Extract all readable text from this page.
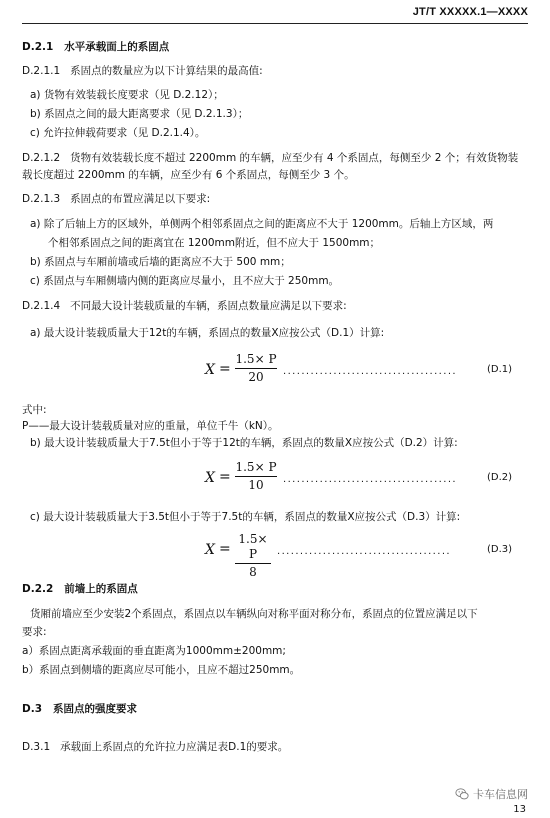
JT/T XXXXX.1—XXXX
D.2.1 水平承载面上的系固点
D.2.1.1 系固点的数量应为以下计算结果的最高值:
a) 货物有效装载长度要求（见 D.2.12）；
b) 系固点之间的最大距离要求（见 D.2.1.3）；
c) 允许拉伸载荷要求（见 D.2.1.4）。
D.2.1.2 货物有效装载长度不超过 2200mm 的车辆，应至少有 4 个系固点，每侧至少 2 个；有效货物装
载长度超过 2200mm 的车辆，应至少有 6 个系固点，每侧至少 3 个。
D.2.1.3 系固点的布置应满足以下要求:
a) 除了后轴上方的区域外，单侧两个相邻系固点之间的距离应不大于 1200mm。后轴上方区域，两
个相邻系固点之间的距离宜在 1200mm附近，但不应大于 1500mm；
b) 系固点与车厢前墙或后墙的距离应不大于 500 mm；
c) 系固点与车厢侧墙内侧的距离应尽量小，且不应大于 250mm。
D.2.1.4 不同最大设计装载质量的车辆，系固点数量应满足以下要求:
a) 最大设计装载质量大于12t的车辆，系固点的数量X应按公式（D.1）计算:
X =
1.5× P
20	......................................	(D.1)
式中:
P——最大设计装载质量对应的重量，单位千牛（kN）。
b) 最大设计装载质量大于7.5t但小于等于12t的车辆，系固点的数量X应按公式（D.2）计算:
X =
1.5× P
10	......................................	(D.2)
c) 最大设计装载质量大于3.5t但小于等于7.5t的车辆，系固点的数量X应按公式（D.3）计算:
X =
1.5× P
8
......................................	(D.3)
D.2.2 前墙上的系固点
货厢前墙应至少安装2个系固点，系固点以车辆纵向对称平面对称分布，系固点的位置应满足以下
要求:
a）系固点距离承载面的垂直距离为1000mm±200mm;
b）系固点到侧墙的距离应尽可能小，且应不超过250mm。
D.3 系固点的强度要求
D.3.1 承载面上系固点的允许拉力应满足表D.1的要求。
卡车信息网
13
